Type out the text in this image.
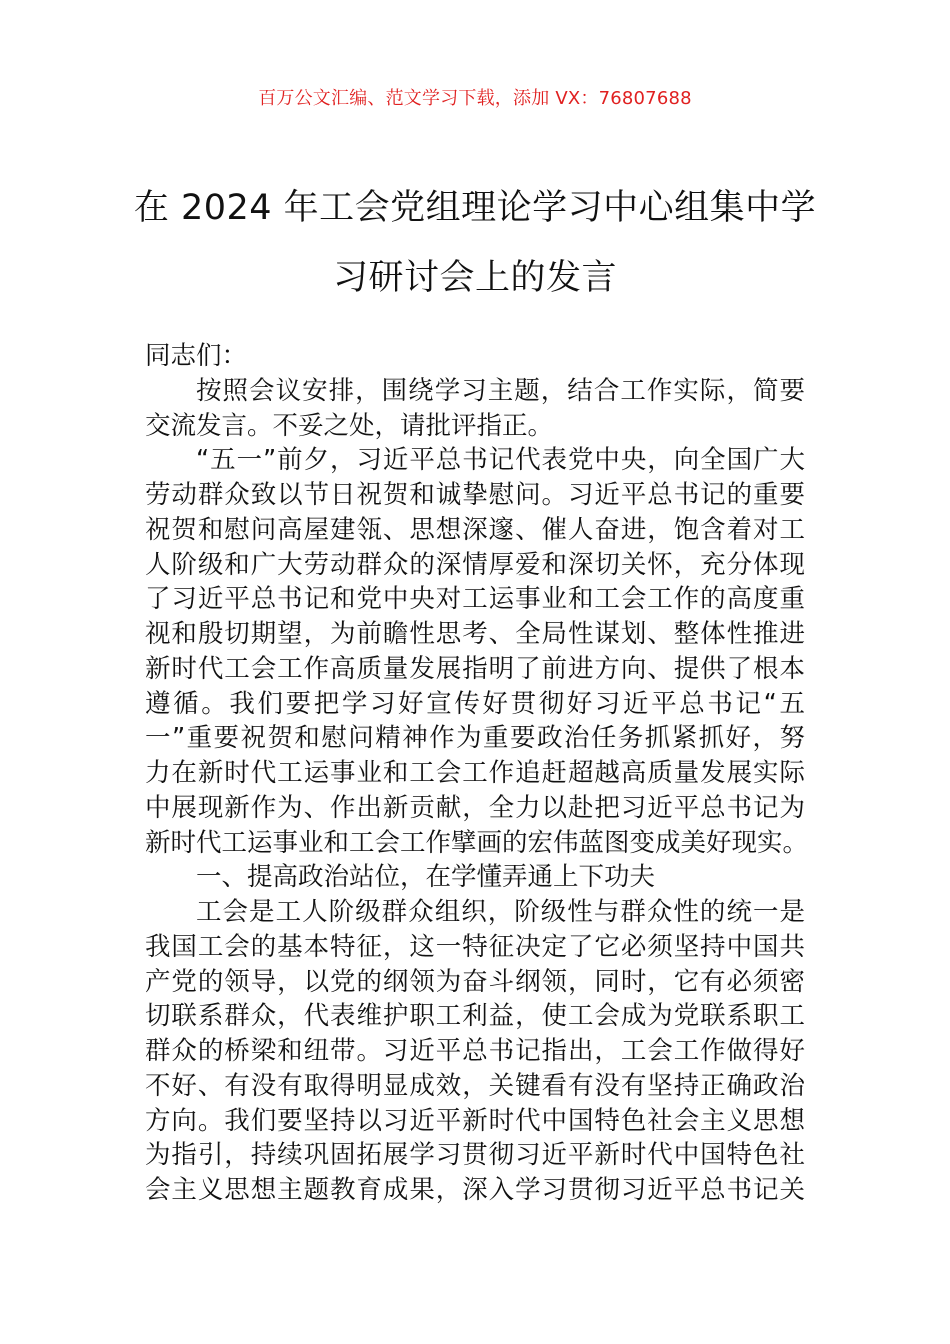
百万公文汇编、范文学习下载，添加 VX：76807688
在 2024 年工会党组理论学习中心组集中学
习研讨会上的发言
同志们：
按照会议安排，围绕学习主题，结合工作实际，简要
交流发言。不妥之处，请批评指正。
“五一”前夕，习近平总书记代表党中央，向全国广大
劳动群众致以节日祝贺和诚挚慰问。习近平总书记的重要
祝贺和慰问高屋建瓴、思想深邃、催人奋进，饱含着对工
人阶级和广大劳动群众的深情厚爱和深切关怀，充分体现
了习近平总书记和党中央对工运事业和工会工作的高度重
视和殷切期望，为前瞻性思考、全局性谋划、整体性推进
新时代工会工作高质量发展指明了前进方向、提供了根本
遵循。我们要把学习好宣传好贯彻好习近平总书记“五
一”重要祝贺和慰问精神作为重要政治任务抓紧抓好，努
力在新时代工运事业和工会工作追赶超越高质量发展实际
中展现新作为、作出新贡献，全力以赴把习近平总书记为
新时代工运事业和工会工作擘画的宏伟蓝图变成美好现实。
一、提高政治站位，在学懂弄通上下功夫
工会是工人阶级群众组织，阶级性与群众性的统一是
我国工会的基本特征，这一特征决定了它必须坚持中国共
产党的领导，以党的纲领为奋斗纲领，同时，它有必须密
切联系群众，代表维护职工利益，使工会成为党联系职工
群众的桥梁和纽带。习近平总书记指出，工会工作做得好
不好、有没有取得明显成效，关键看有没有坚持正确政治
方向。我们要坚持以习近平新时代中国特色社会主义思想
为指引，持续巩固拓展学习贯彻习近平新时代中国特色社
会主义思想主题教育成果，深入学习贯彻习近平总书记关
